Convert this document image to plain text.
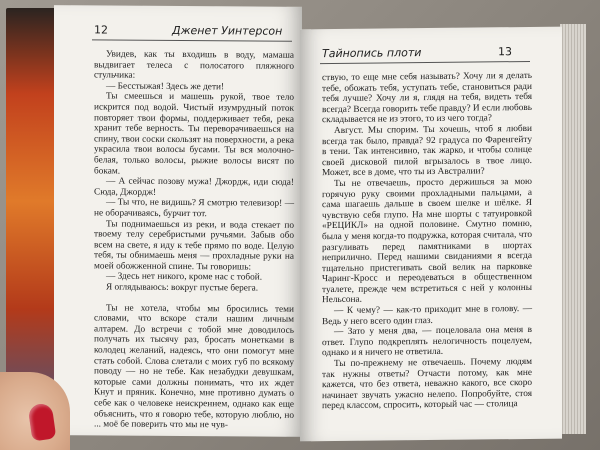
12	Дженет Уинтерсон

Увидев, как ты входишь в воду, мамаша выдвигает телеса с полосатого пляжного стульчика:

— Бесстыжая! Здесь же дети!

Ты смеешься и машешь рукой, твое тело искрится под водой. Чистый изумрудный поток повторяет твои формы, поддерживает тебя, река хранит тебе верность. Ты переворачиваешься на спину, твои соски скользят на поверхности, а река украсила твои волосы бусами. Ты вся молочно-белая, только волосы, рыжие волосы висят по бокам.

— А сейчас позову мужа! Джордж, иди сюда! Сюда, Джордж!

— Ты что, не видишь? Я смотрю телевизор! — не оборачиваясь, бурчит тот.

Ты поднимаешься из реки, и вода стекает по твоему телу серебристыми ручьями. Забыв обо всем на свете, я иду к тебе прямо по воде. Целую тебя, ты обнимаешь меня — прохладные руки на моей обожженной спине. Ты говоришь:

— Здесь нет никого, кроме нас с тобой.

Я оглядываюсь: вокруг пустые берега.

Ты не хотела, чтобы мы бросились теми словами, что вскоре стали нашим личным алтарем. До встречи с тобой мне доводилось получать их тысячу раз, бросать монетками в колодец желаний, надеясь, что они помогут мне стать собой. Слова слетали с моих губ по всякому поводу — но не тебе. Как незабудки девушкам, которые сами должны понимать, что их ждет Кнут и пряник. Конечно, мне противно думать о себе как о человеке неискреннем, однако как еще объяснить, что я говорю тебе, которую люблю, но ... моё бе поверить что мы не чув-

Тайнопись плоти	13

ствую, то еще мне себя называть? Хочу ли я делать тебе, обожать тебя, уступать тебе, становиться ради тебя лучше? Хочу ли я, глядя на тебя, видеть тебя всегда? Всегда говорить тебе правду? И если любовь складывается не из этого, то из чего тогда?

Август. Мы спорим. Ты хочешь, чтоб я любви всегда так было, правда? 92 градуса по Фаренгейту в тени. Так интенсивно, так жарко, и чтобы солнце своей дисковой пилой вгрызалось в твое лицо. Может, все в доме, что ты из Австралии?

Ты не отвечаешь, просто держишься за мою горячую руку своими прохладными пальцами, а сама шагаешь дальше в своем шелке и шёлке. Я чувствую себя глупо. На мне шорты с татуировкой «РЕЦИКЛ» на одной половине. Смутно помню, была у меня когда-то подружка, которая считала, что разгуливать перед памятниками в шортах неприлично. Перед нашими свиданиями я всегда тщательно пристегивать свой велик на парковке Чаринг-Кросс и переодеваться в общественном туалете, прежде чем встретиться с ней у колонны Нельсона.

— К чему? — как-то приходит мне в голову. — Ведь у него всего один глаз.

— Зато у меня два, — поцеловала она меня в ответ. Глупо подкреплять нелогичность поцелуем, однако и я ничего не ответила.

Ты по-прежнему не отвечаешь. Почему людям так нужны ответы? Отчасти потому, как мне кажется, что без ответа, неважно какого, все скоро начинает звучать ужасно нелепо. Попробуйте, стоя перед классом, спросить, который час — столица
